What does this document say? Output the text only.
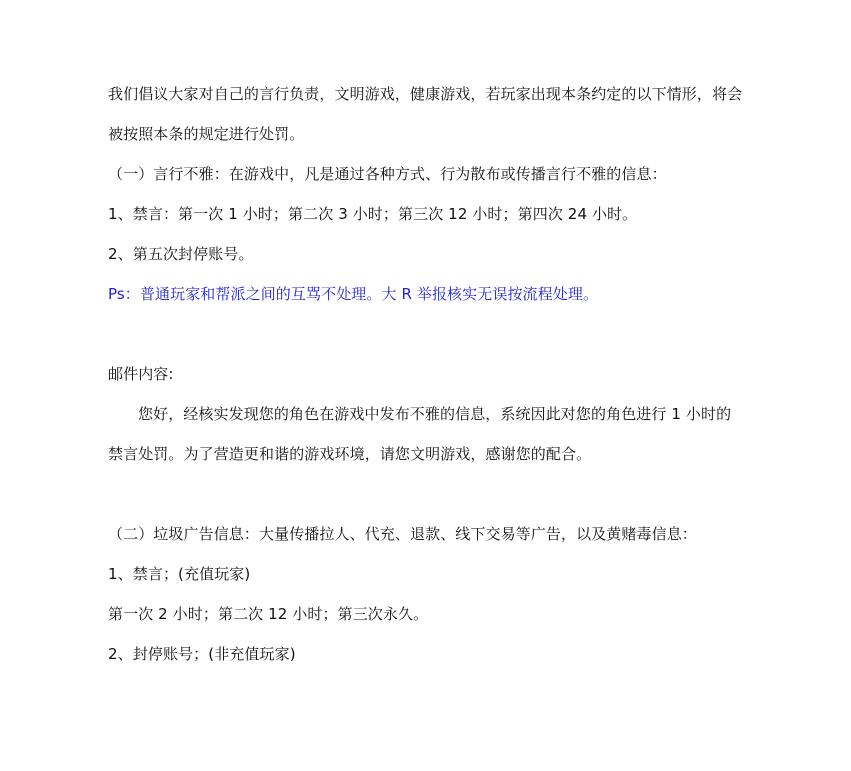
我们倡议大家对自己的言行负责，文明游戏，健康游戏，若玩家出现本条约定的以下情形，将会
被按照本条的规定进行处罚。
（一）言行不雅：在游戏中，凡是通过各种方式、行为散布或传播言行不雅的信息：
1、禁言：第一次 1 小时；第二次 3 小时；第三次 12 小时；第四次 24 小时。
2、第五次封停账号。
Ps：普通玩家和帮派之间的互骂不处理。大 R 举报核实无误按流程处理。
邮件内容:
您好，经核实发现您的角色在游戏中发布不雅的信息，系统因此对您的角色进行 1 小时的
禁言处罚。为了营造更和谐的游戏环境，请您文明游戏，感谢您的配合。
（二）垃圾广告信息：大量传播拉人、代充、退款、线下交易等广告，以及黄赌毒信息：
1、禁言；(充值玩家)
第一次 2 小时；第二次 12 小时；第三次永久。
2、封停账号；(非充值玩家)
